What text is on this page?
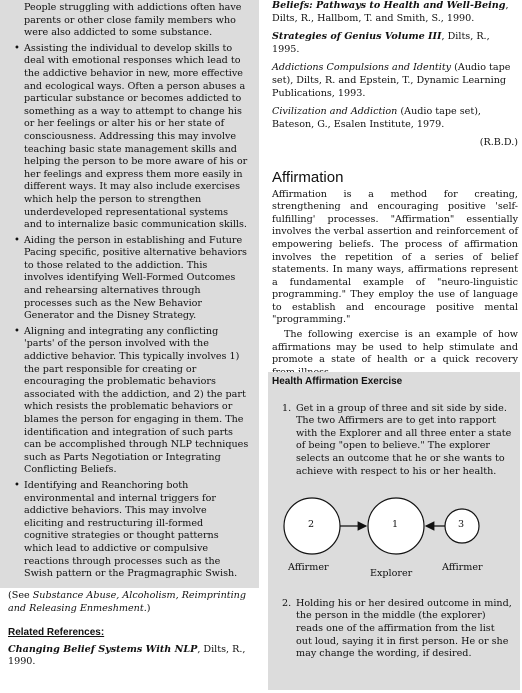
People struggling with addictions often have parents or other close family members who were also addicted to some substance.

• Assisting the individual to develop skills to deal with emotional responses which lead to the addictive behavior in new, more effective and ecological ways. Often a person abuses a particular substance or becomes addicted to something as a way to attempt to change his or her feelings or alter his or her state of consciousness. Addressing this may involve teaching basic state management skills and helping the person to be more aware of his or her feelings and express them more easily in different ways. It may also include exercises which help the person to strengthen underdeveloped representational systems and to internalize basic communication skills.
• Aiding the person in establishing and Future Pacing specific, positive alternative behaviors to those related to the addiction. This involves identifying Well-Formed Outcomes and rehearsing alternatives through processes such as the New Behavior Generator and the Disney Strategy.
• Aligning and integrating any conflicting 'parts' of the person involved with the addictive behavior. This typically involves 1) the part responsible for creating or encouraging the problematic behaviors associated with the addiction, and 2) the part which resists the problematic behaviors or blames the person for engaging in them. The identification and integration of such parts can be accomplished through NLP techniques such as Parts Negotiation or Integrating Conflicting Beliefs.
• Identifying and Reanchoring both environmental and internal triggers for addictive behaviors. This may involve eliciting and restructuring ill-formed cognitive strategies or thought patterns which lead to addictive or compulsive reactions through processes such as the Swish pattern or the Pragmagraphic Swish.

(See Substance Abuse, Alcoholism, Reimprinting and Releasing Enmeshment.)

Related References:

Changing Belief Systems With NLP, Dilts, R., 1990.

Beliefs: Pathways to Health and Well-Being, Dilts, R., Hallbom, T. and Smith, S., 1990.

Strategies of Genius Volume III, Dilts, R., 1995.

Addictions Compulsions and Identity (Audio tape set), Dilts, R. and Epstein, T., Dynamic Learning Publications, 1993.

Civilization and Addiction (Audio tape set), Bateson, G., Esalen Institute, 1979.

(R.B.D.)

Affirmation

Affirmation is a method for creating, strengthening and encouraging positive 'self-fulfilling' processes. "Affirmation" essentially involves the verbal assertion and reinforcement of empowering beliefs. The process of affirmation involves the repetition of a series of belief statements. In many ways, affirmations represent a fundamental example of "neuro-linguistic programming." They employ the use of language to establish and encourage positive mental "programming."

The following exercise is an example of how affirmations may be used to help stimulate and promote a state of health or a quick recovery

Health Affirmation Exercise

1. Get in a group of three and sit side by side. The two Affirmers are to get into rapport with the Explorer and all three enter a state of being "open to believe." The explorer selects an outcome that he or she wants to achieve with respect to his or her health.

2	1	3
Affirmer
Explorer
Affirmer

2. Holding his or her desired outcome in mind, the person in the middle (the explorer) reads one of the affirmation from the list out loud, saying it in first person. He or she may change the wording, if desired.
